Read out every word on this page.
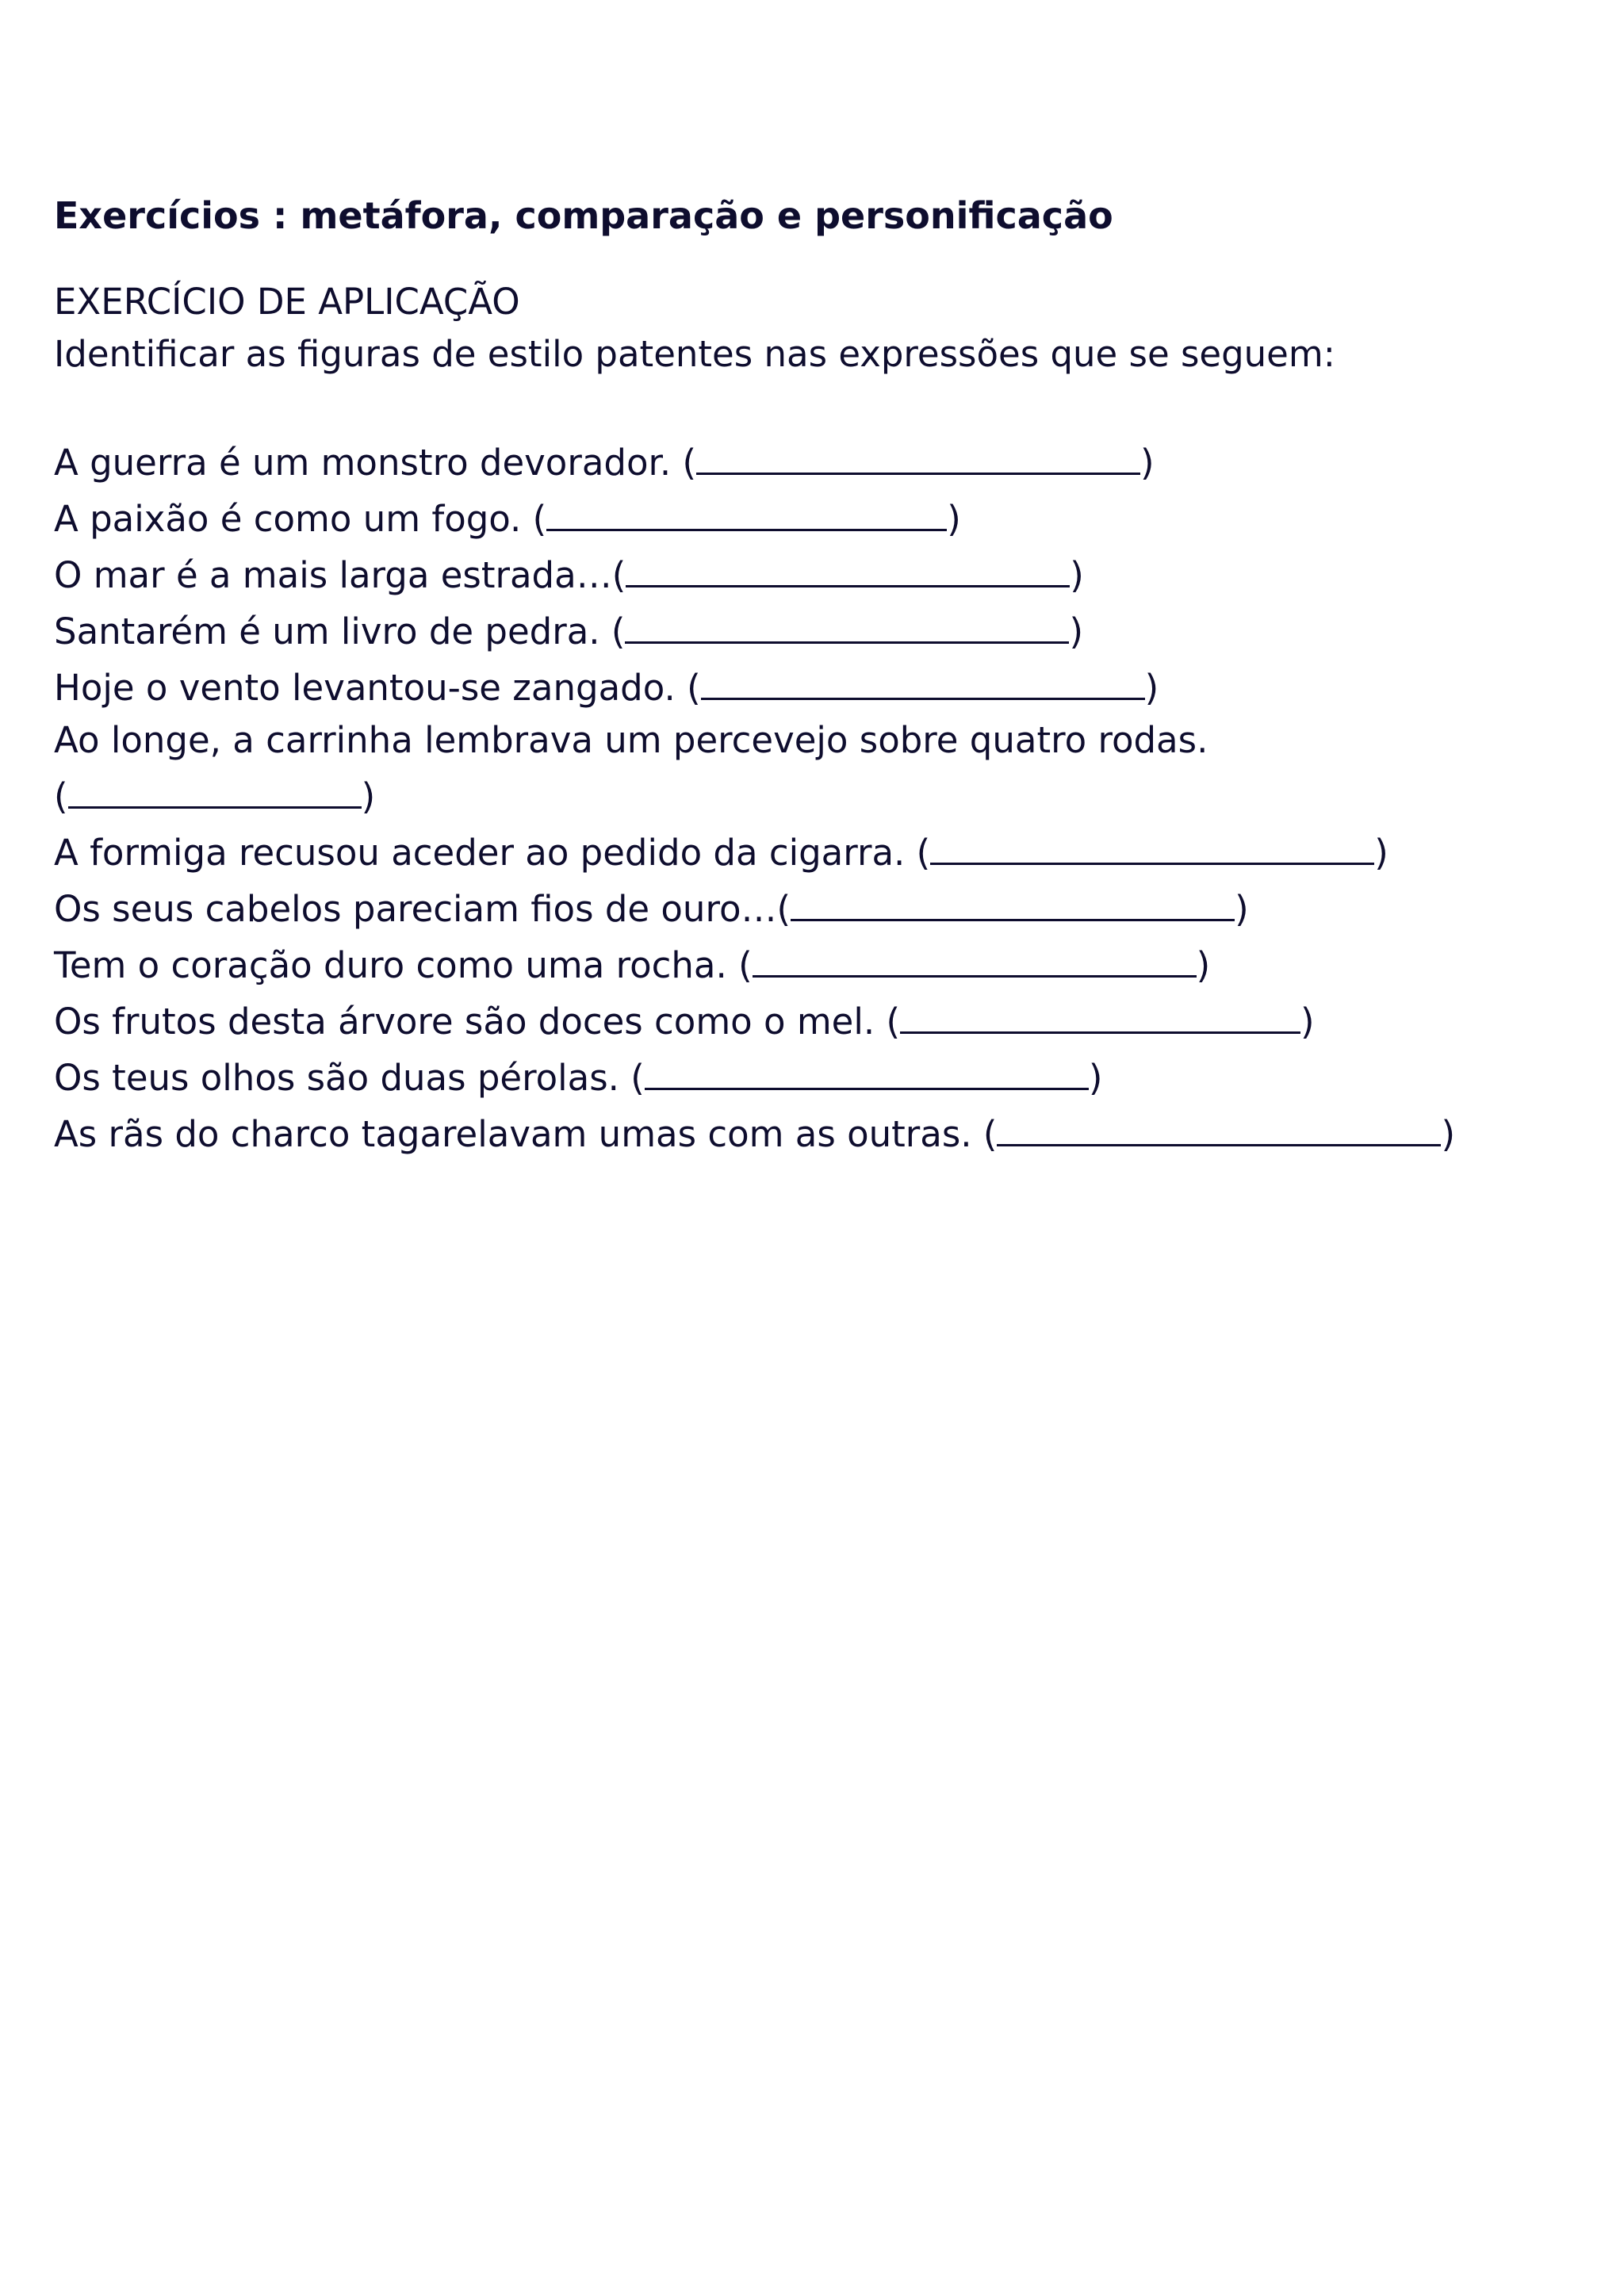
Exercícios : metáfora, comparação e personificação

EXERCÍCIO DE APLICAÇÃO

Identificar as figuras de estilo patentes nas expressões que se seguem:

A guerra é um monstro devorador. (	)

A paixão é como um fogo. (	)

O mar é a mais larga estrada…(	)

Santarém é um livro de pedra. (	)

Hoje o vento levantou-se zangado. (	)

Ao longe, a carrinha lembrava um percevejo sobre quatro rodas.

(	)

A formiga recusou aceder ao pedido da cigarra. (	)

Os seus cabelos pareciam fios de ouro…(	)

Tem o coração duro como uma rocha. (	)

Os frutos desta árvore são doces como o mel. (	)

Os teus olhos são duas pérolas. (	)

As rãs do charco tagarelavam umas com as outras. (	)
